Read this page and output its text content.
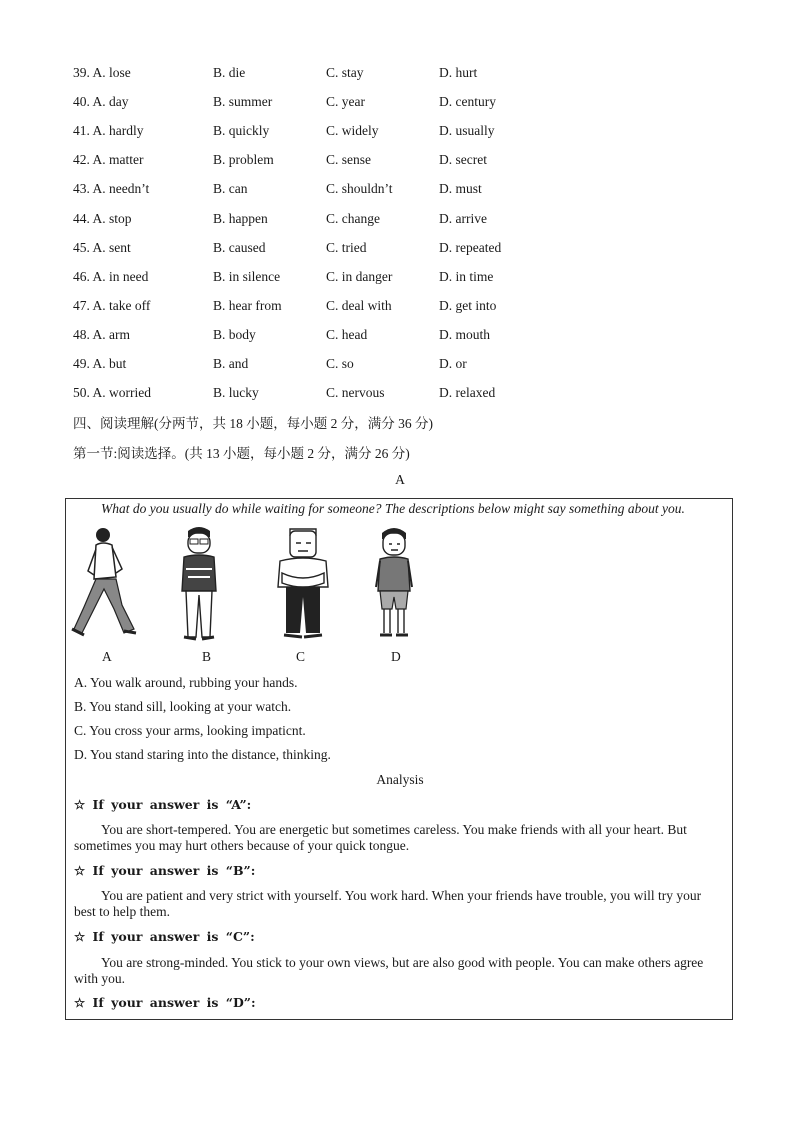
39. A. lose	B. die	C. stay	D. hurt
40. A. day	B. summer	C. year	D. century
41. A. hardly	B. quickly	C. widely	D. usually
42. A. matter	B. problem	C. sense	D. secret
43. A. needn’t	B. can	C. shouldn’t	D. must
44. A. stop	B. happen	C. change	D. arrive
45. A. sent	B. caused	C. tried	D. repeated
46. A. in need	B. in silence	C. in danger	D. in time
47. A. take off	B. hear from	C. deal with	D. get into
48. A. arm	B. body	C. head	D. mouth
49. A. but	B. and	C. so	D. or
50. A. worried	B. lucky	C. nervous	D. relaxed
四、阅读理解(分两节，共 18 小题，每小题 2 分，满分 36 分)
第一节:阅读选择。(共 13 小题，每小题 2 分，满分 26 分)
A
What do you usually do while waiting for someone? The descriptions below might say something about you.
A	B	C	D
A. You walk around, rubbing your hands.
B. You stand sill, looking at your watch.
C. You cross your arms, looking impaticnt.
D. You stand staring into the distance, thinking.
Analysis
☆ If your answer is “A”:
You are short-tempered. You are energetic but sometimes careless. You make friends with all your heart. But sometimes you may hurt others because of your quick tongue.
☆ If your answer is “B”:
You are patient and very strict with yourself. You work hard. When your friends have trouble, you will try your best to help them.
☆ If your answer is “C”:
You are strong-minded. You stick to your own views, but are also good with people. You can make others agree with you.
☆ If your answer is “D”:
